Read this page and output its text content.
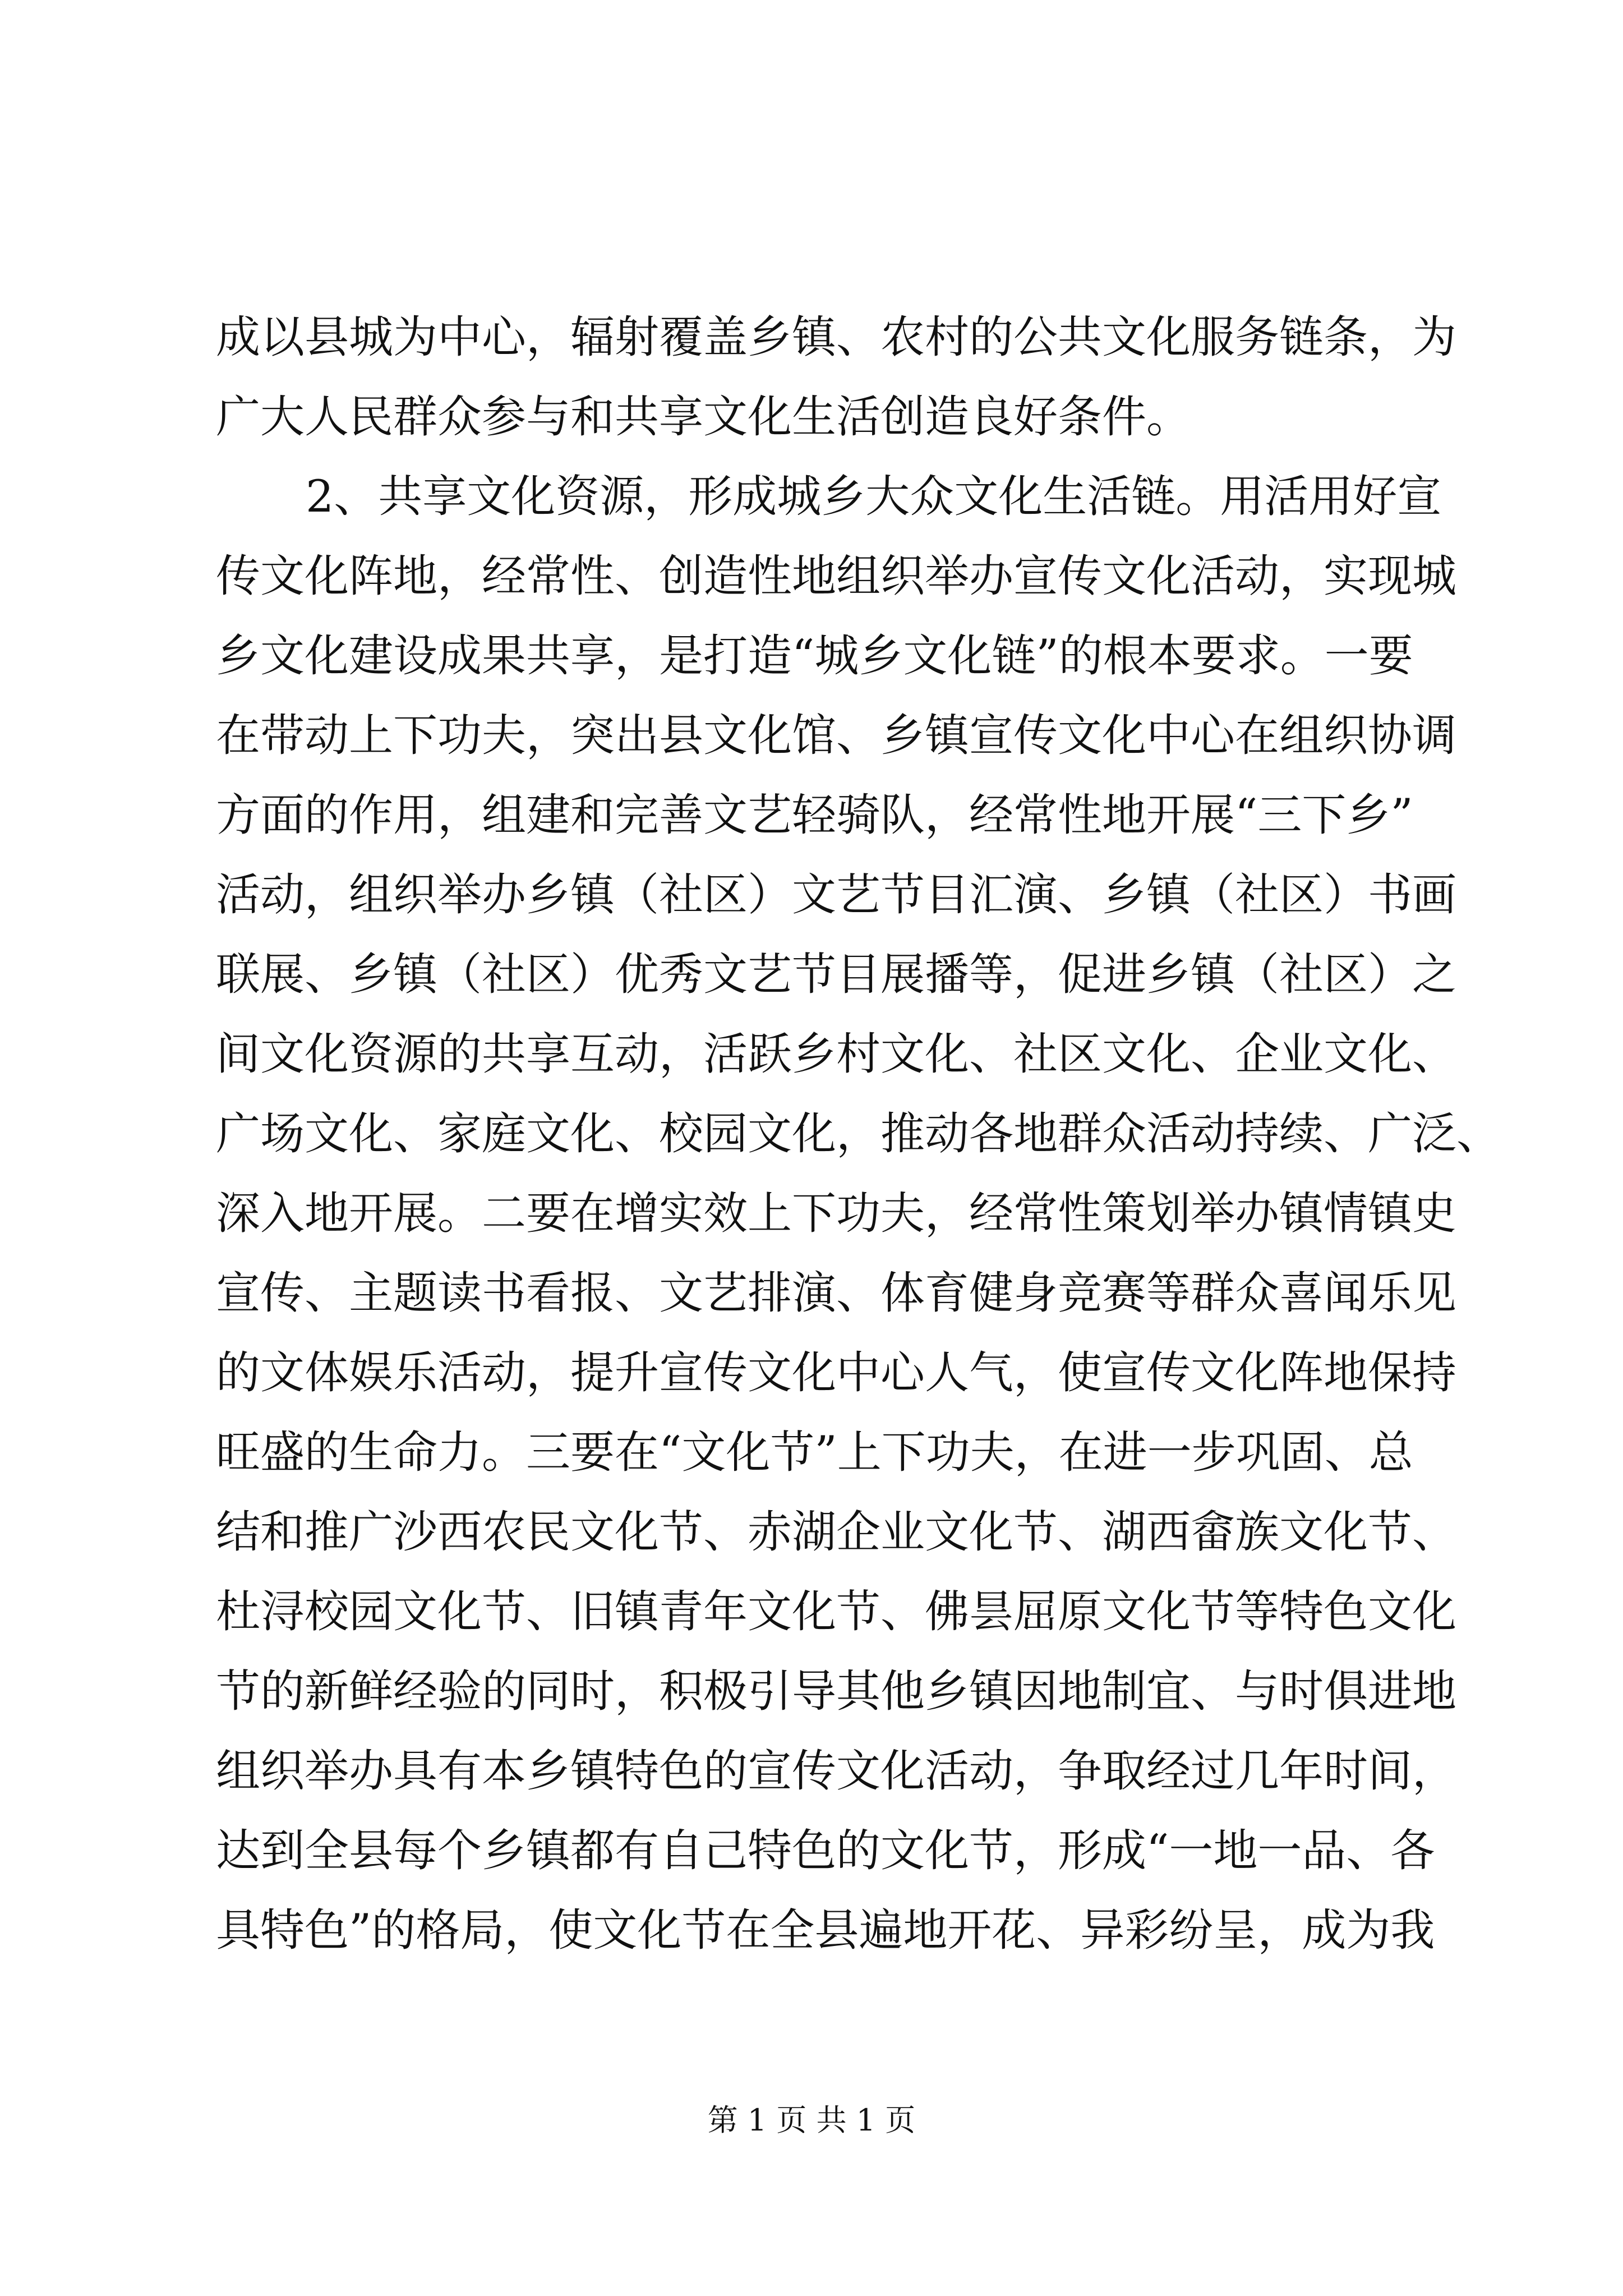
成以县城为中心，辐射覆盖乡镇、农村的公共文化服务链条，为
广大人民群众参与和共享文化生活创造良好条件。
2、共享文化资源，形成城乡大众文化生活链。用活用好宣
传文化阵地，经常性、创造性地组织举办宣传文化活动，实现城
乡文化建设成果共享，是打造“城乡文化链”的根本要求。一要
在带动上下功夫，突出县文化馆、乡镇宣传文化中心在组织协调
方面的作用，组建和完善文艺轻骑队，经常性地开展“三下乡”
活动，组织举办乡镇（社区）文艺节目汇演、乡镇（社区）书画
联展、乡镇（社区）优秀文艺节目展播等，促进乡镇（社区）之
间文化资源的共享互动，活跃乡村文化、社区文化、企业文化、
广场文化、家庭文化、校园文化，推动各地群众活动持续、广泛、
深入地开展。二要在增实效上下功夫，经常性策划举办镇情镇史
宣传、主题读书看报、文艺排演、体育健身竞赛等群众喜闻乐见
的文体娱乐活动，提升宣传文化中心人气，使宣传文化阵地保持
旺盛的生命力。三要在“文化节”上下功夫，在进一步巩固、总
结和推广沙西农民文化节、赤湖企业文化节、湖西畲族文化节、
杜浔校园文化节、旧镇青年文化节、佛昙屈原文化节等特色文化
节的新鲜经验的同时，积极引导其他乡镇因地制宜、与时俱进地
组织举办具有本乡镇特色的宣传文化活动，争取经过几年时间，
达到全县每个乡镇都有自己特色的文化节，形成“一地一品、各
具特色”的格局，使文化节在全县遍地开花、异彩纷呈，成为我
第 1 页 共 1 页
